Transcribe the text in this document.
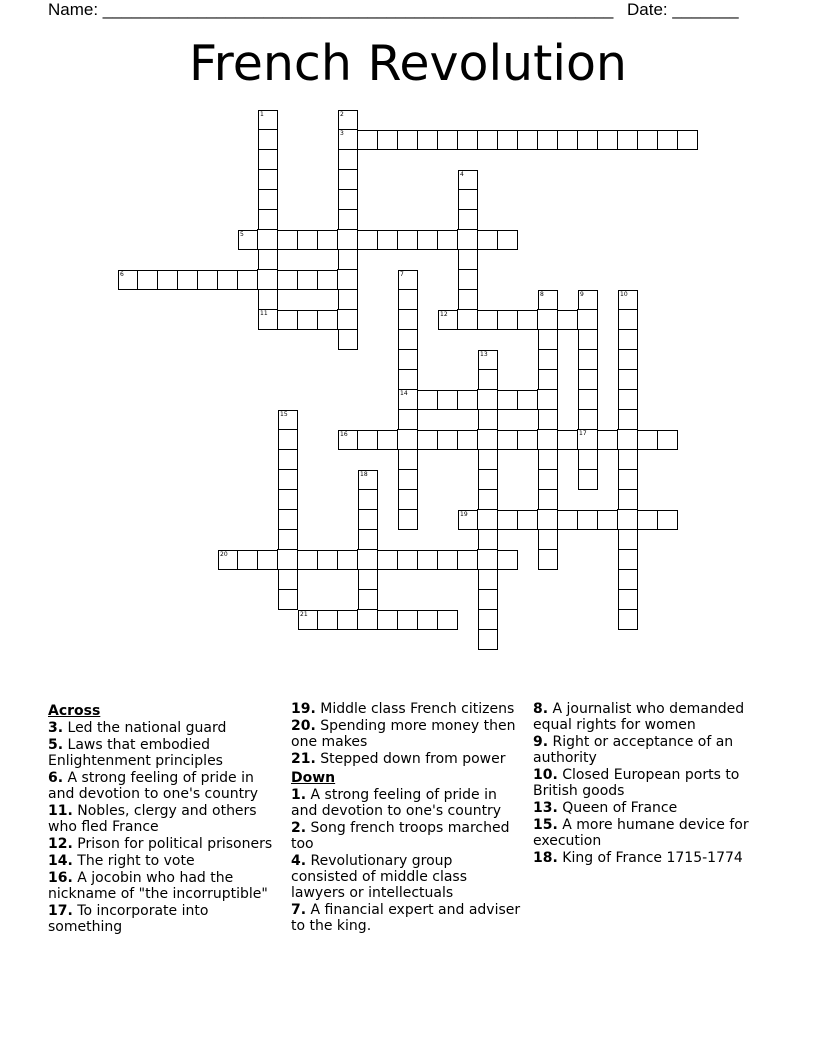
Name: ______________________________________________________ Date: _______
French Revolution
1	2
3
4
5
6	7
14
8	9
17
10
11	12
13
15
16
18
19
20
21
Across
3. Led the national guard
5. Laws that embodied Enlightenment principles
6. A strong feeling of pride in and devotion to one's country
11. Nobles, clergy and others who fled France
12. Prison for political prisoners
14. The right to vote
16. A jocobin who had the nickname of "the incorruptible"
17. To incorporate into something
19. Middle class French citizens
20. Spending more money then one makes
21. Stepped down from power
Down
1. A strong feeling of pride in and devotion to one's country
2. Song french troops marched too
4. Revolutionary group consisted of middle class lawyers or intellectuals
7. A financial expert and adviser to the king.
8. A journalist who demanded equal rights for women
9. Right or acceptance of an authority
10. Closed European ports to British goods
13. Queen of France
15. A more humane device for execution
18. King of France 1715-1774
